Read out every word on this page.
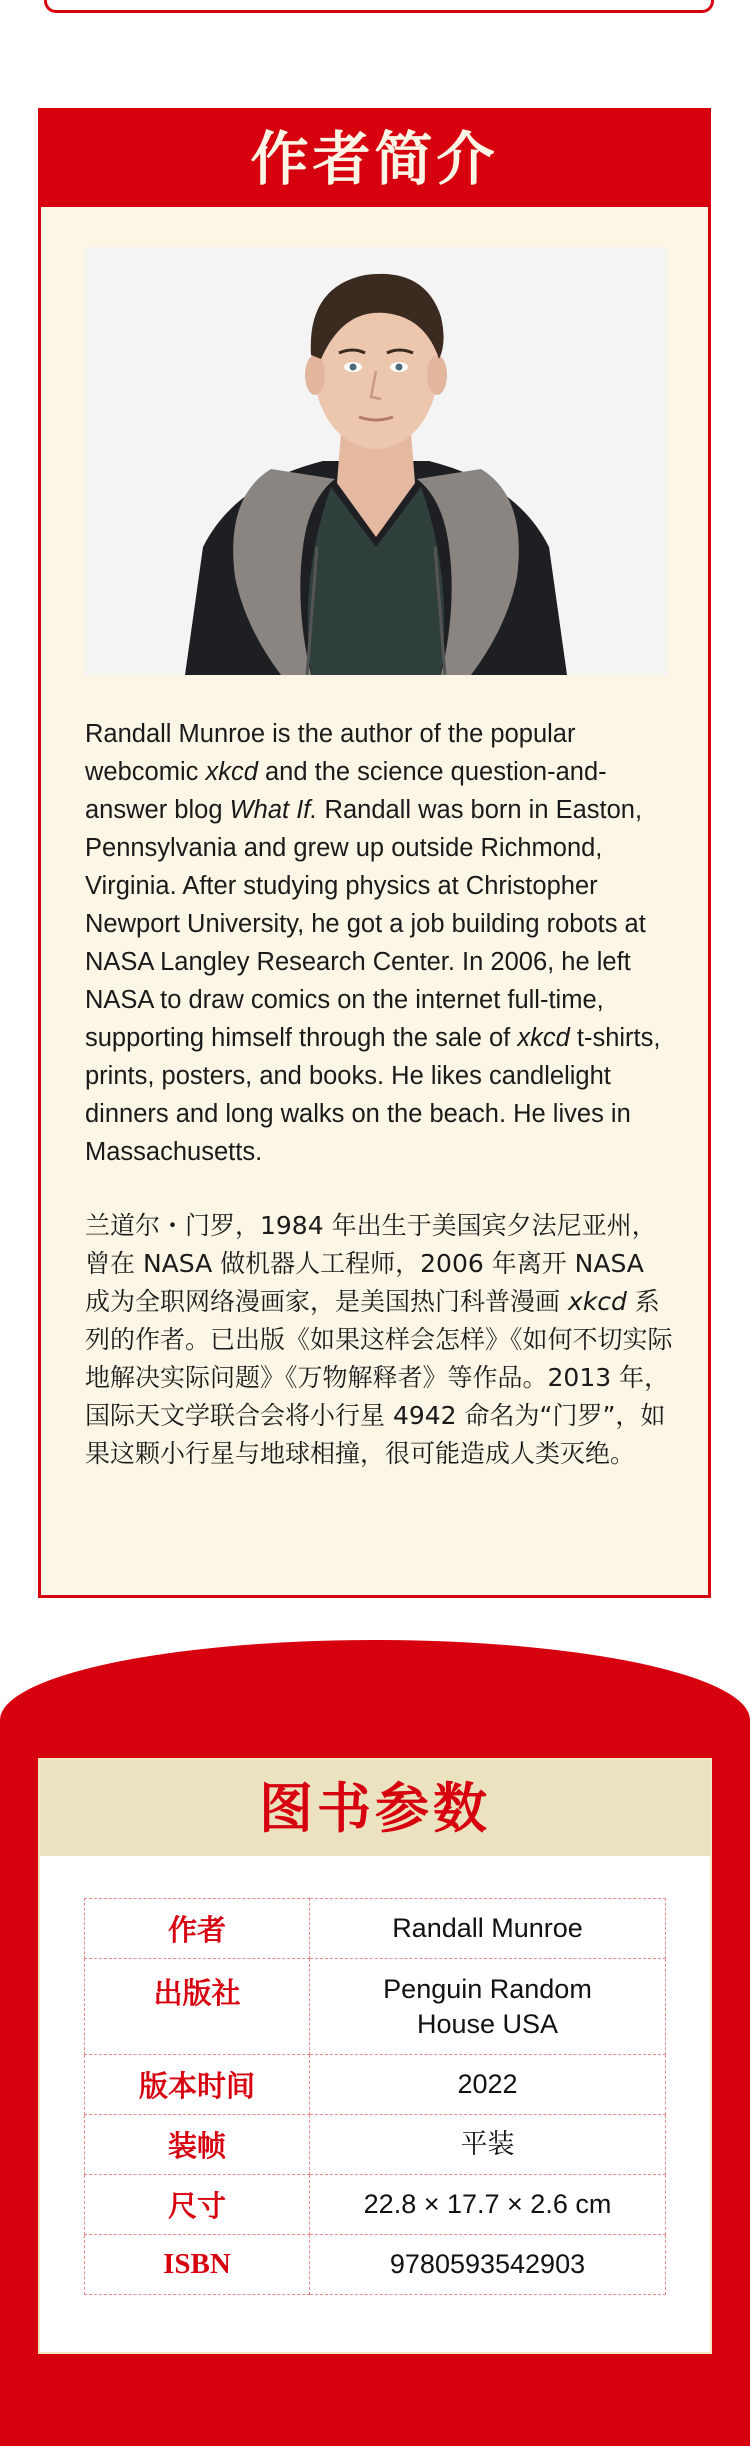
作者简介

Randall Munroe is the author of the popular webcomic xkcd and the science question-and-answer blog What If. Randall was born in Easton, Pennsylvania and grew up outside Richmond, Virginia. After studying physics at Christopher Newport University, he got a job building robots at NASA Langley Research Center. In 2006, he left NASA to draw comics on the internet full-time, supporting himself through the sale of xkcd t-shirts, prints, posters, and books. He likes candlelight dinners and long walks on the beach. He lives in Massachusetts.

兰道尔・门罗，1984 年出生于美国宾夕法尼亚州，曾在 NASA 做机器人工程师，2006 年离开 NASA 成为全职网络漫画家，是美国热门科普漫画 xkcd 系列的作者。已出版《如果这样会怎样》《如何不切实际地解决实际问题》《万物解释者》等作品。2013 年，国际天文学联合会将小行星 4942 命名为“门罗”，如果这颗小行星与地球相撞，很可能造成人类灭绝。

图书参数
作者	Randall Munroe
出版社	Penguin Random House USA
版本时间	2022
装帧	平装
尺寸	22.8 × 17.7 × 2.6 cm
ISBN	9780593542903
